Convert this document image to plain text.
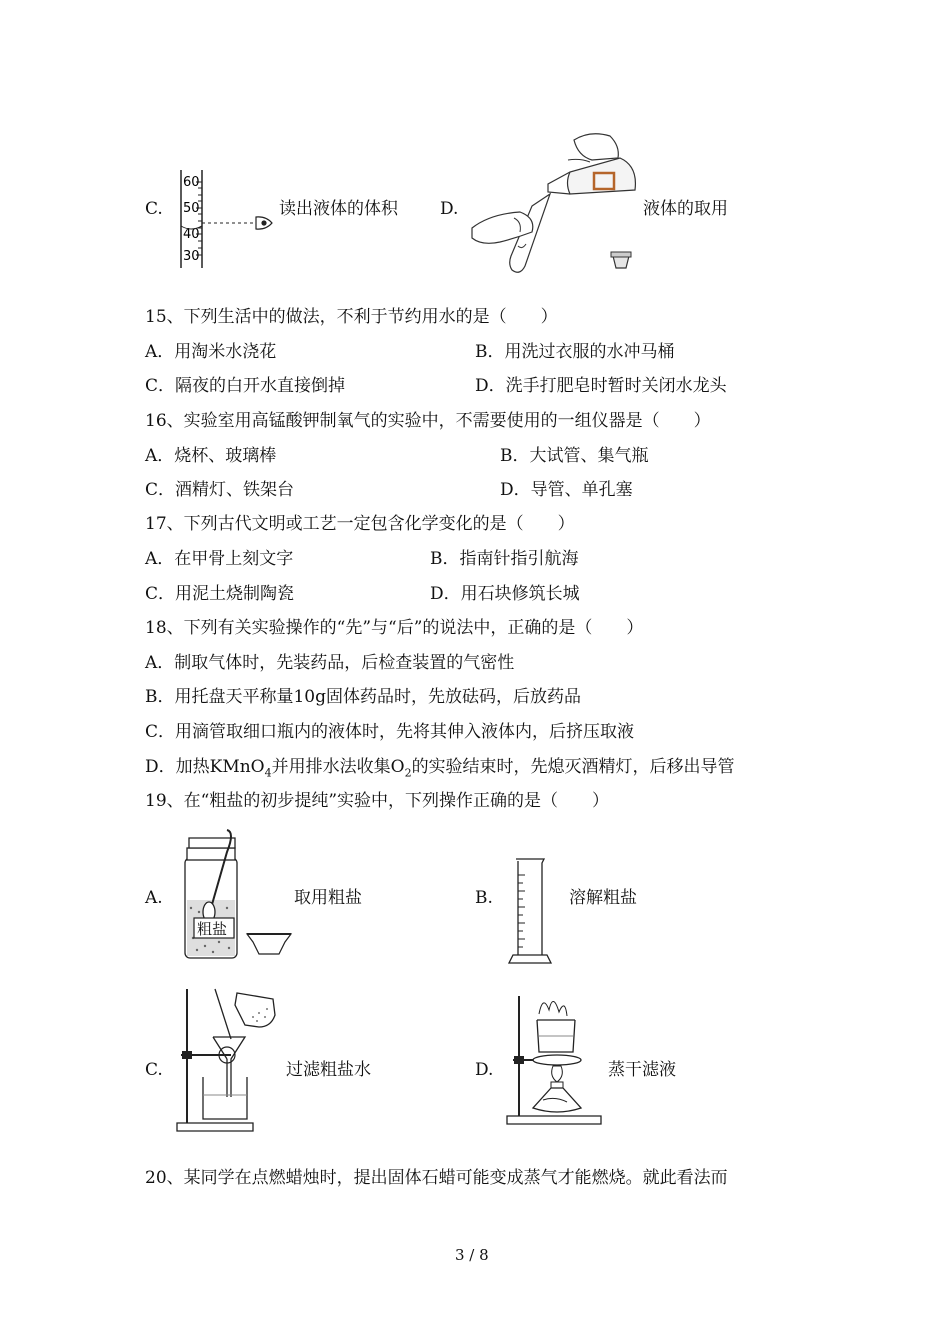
C.
60
50
40
30
读出液体的体积 D.	液体的取用
15、下列生活中的做法，不利于节约用水的是（　　）
A．用淘米水浇花	B．用洗过衣服的水冲马桶
C．隔夜的白开水直接倒掉	D．洗手打肥皂时暂时关闭水龙头
16、实验室用高锰酸钾制氧气的实验中，不需要使用的一组仪器是（　　）
A．烧杯、玻璃棒	B．大试管、集气瓶
C．酒精灯、铁架台	D．导管、单孔塞
17、下列古代文明或工艺一定包含化学变化的是（　　）
A．在甲骨上刻文字	B．指南针指引航海
C．用泥土烧制陶瓷	D．用石块修筑长城
18、下列有关实验操作的“先”与“后”的说法中，正确的是（　　）
A．制取气体时，先装药品，后检查装置的气密性
B．用托盘天平称量10g固体药品时，先放砝码，后放药品
C．用滴管取细口瓶内的液体时，先将其伸入液体内，后挤压取液
D．加热KMnO$_4$并用排水法收集$O_2$的实验结束时，先熄灭酒精灯，后移出导管
19、在“粗盐的初步提纯”实验中，下列操作正确的是（　　）
A.
粗盐
取用粗盐	B.	溶解粗盐
C.	过滤粗盐水	D.	蒸干滤液
20、某同学在点燃蜡烛时，提出固体石蜡可能变成蒸气才能燃烧。就此看法而
3 / 8
